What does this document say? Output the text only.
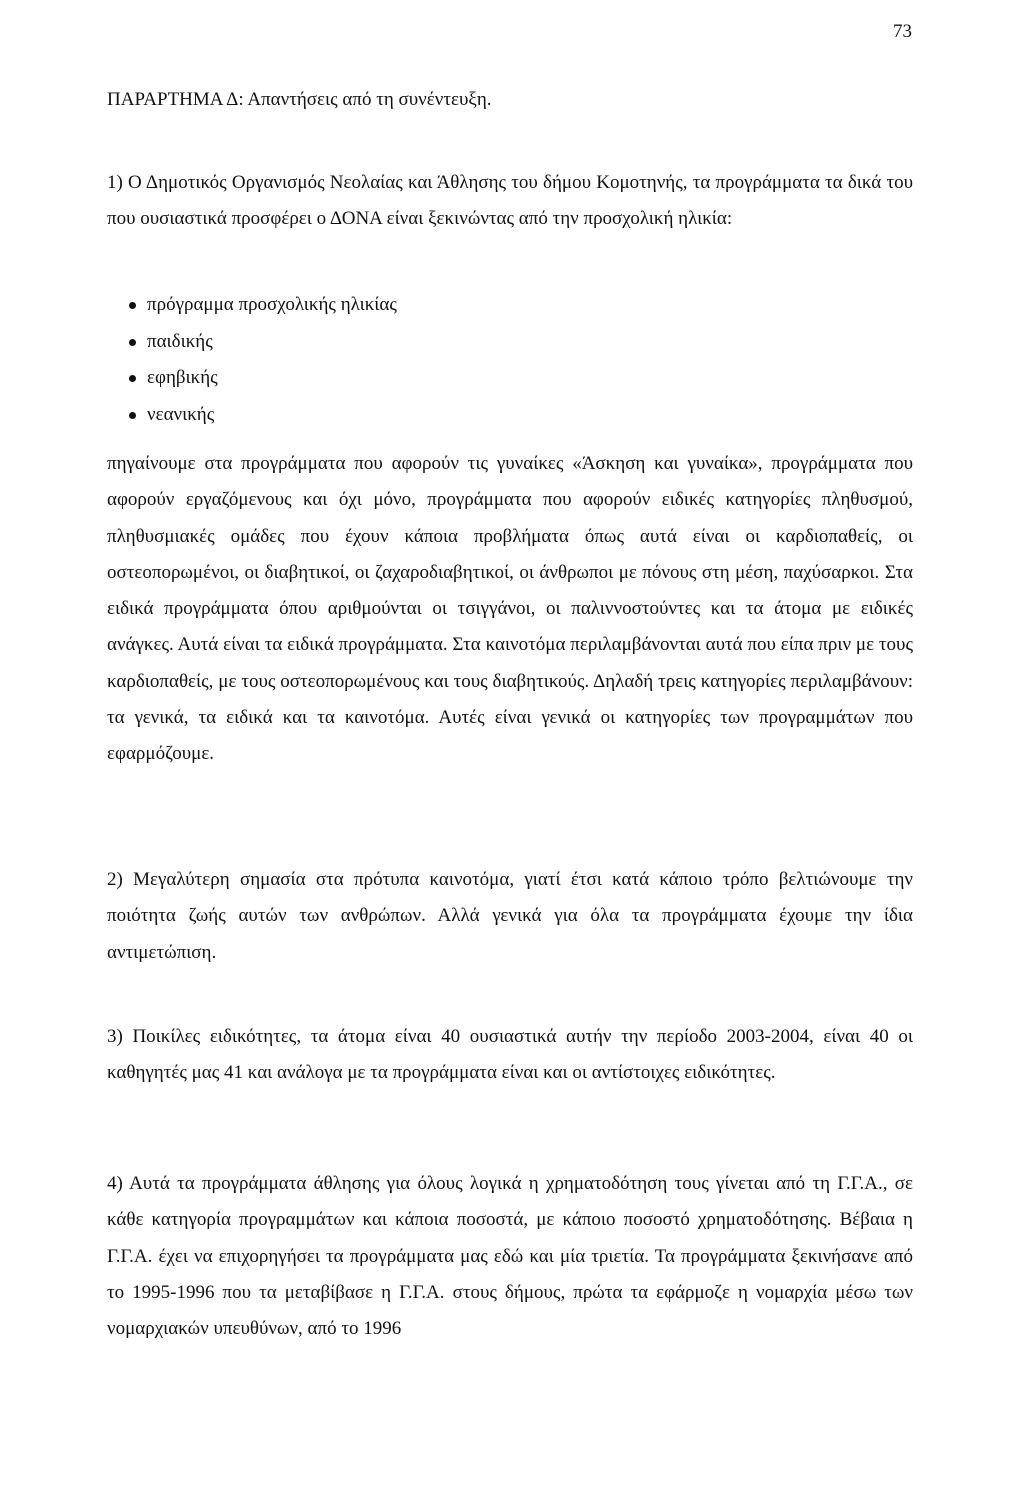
73
ΠΑΡΑΡΤΗΜΑ Δ: Απαντήσεις από τη συνέντευξη.

1) Ο Δημοτικός Οργανισμός Νεολαίας και Άθλησης του δήμου Κομοτηνής, τα προγράμματα τα δικά του που ουσιαστικά προσφέρει ο ΔΟΝΑ είναι ξεκινώντας από την προσχολική ηλικία:

πρόγραμμα προσχολικής ηλικίας
παιδικής
εφηβικής
νεανικής

πηγαίνουμε στα προγράμματα που αφορούν τις γυναίκες «Άσκηση και γυναίκα», προγράμματα που αφορούν εργαζόμενους και όχι μόνο, προγράμματα που αφορούν ειδικές κατηγορίες πληθυσμού, πληθυσμιακές ομάδες που έχουν κάποια προβλήματα όπως αυτά είναι οι καρδιοπαθείς, οι οστεοπορωμένοι, οι διαβητικοί, οι ζαχαροδιαβητικοί, οι άνθρωποι με πόνους στη μέση, παχύσαρκοι. Στα ειδικά προγράμματα όπου αριθμούνται οι τσιγγάνοι, οι παλιννοστούντες και τα άτομα με ειδικές ανάγκες. Αυτά είναι τα ειδικά προγράμματα. Στα καινοτόμα περιλαμβάνονται αυτά που είπα πριν με τους καρδιοπαθείς, με τους οστεοπορωμένους και τους διαβητικούς. Δηλαδή τρεις κατηγορίες περιλαμβάνουν: τα γενικά, τα ειδικά και τα καινοτόμα. Αυτές είναι γενικά οι κατηγορίες των προγραμμάτων που εφαρμόζουμε.

2) Μεγαλύτερη σημασία στα πρότυπα καινοτόμα, γιατί έτσι κατά κάποιο τρόπο βελτιώνουμε την ποιότητα ζωής αυτών των ανθρώπων. Αλλά γενικά για όλα τα προγράμματα έχουμε την ίδια αντιμετώπιση.

3) Ποικίλες ειδικότητες, τα άτομα είναι 40 ουσιαστικά αυτήν την περίοδο 2003-2004, είναι 40 οι καθηγητές μας 41 και ανάλογα με τα προγράμματα είναι και οι αντίστοιχες ειδικότητες.

4) Αυτά τα προγράμματα άθλησης για όλους λογικά η χρηματοδότηση τους γίνεται από τη Γ.Γ.Α., σε κάθε κατηγορία προγραμμάτων και κάποια ποσοστά, με κάποιο ποσοστό χρηματοδότησης. Βέβαια η Γ.Γ.Α. έχει να επιχορηγήσει τα προγράμματα μας εδώ και μία τριετία. Τα προγράμματα ξεκινήσανε από το 1995-1996 που τα μεταβίβασε η Γ.Γ.Α. στους δήμους, πρώτα τα εφάρμοζε η νομαρχία μέσω των νομαρχιακών υπευθύνων, από το 1996
